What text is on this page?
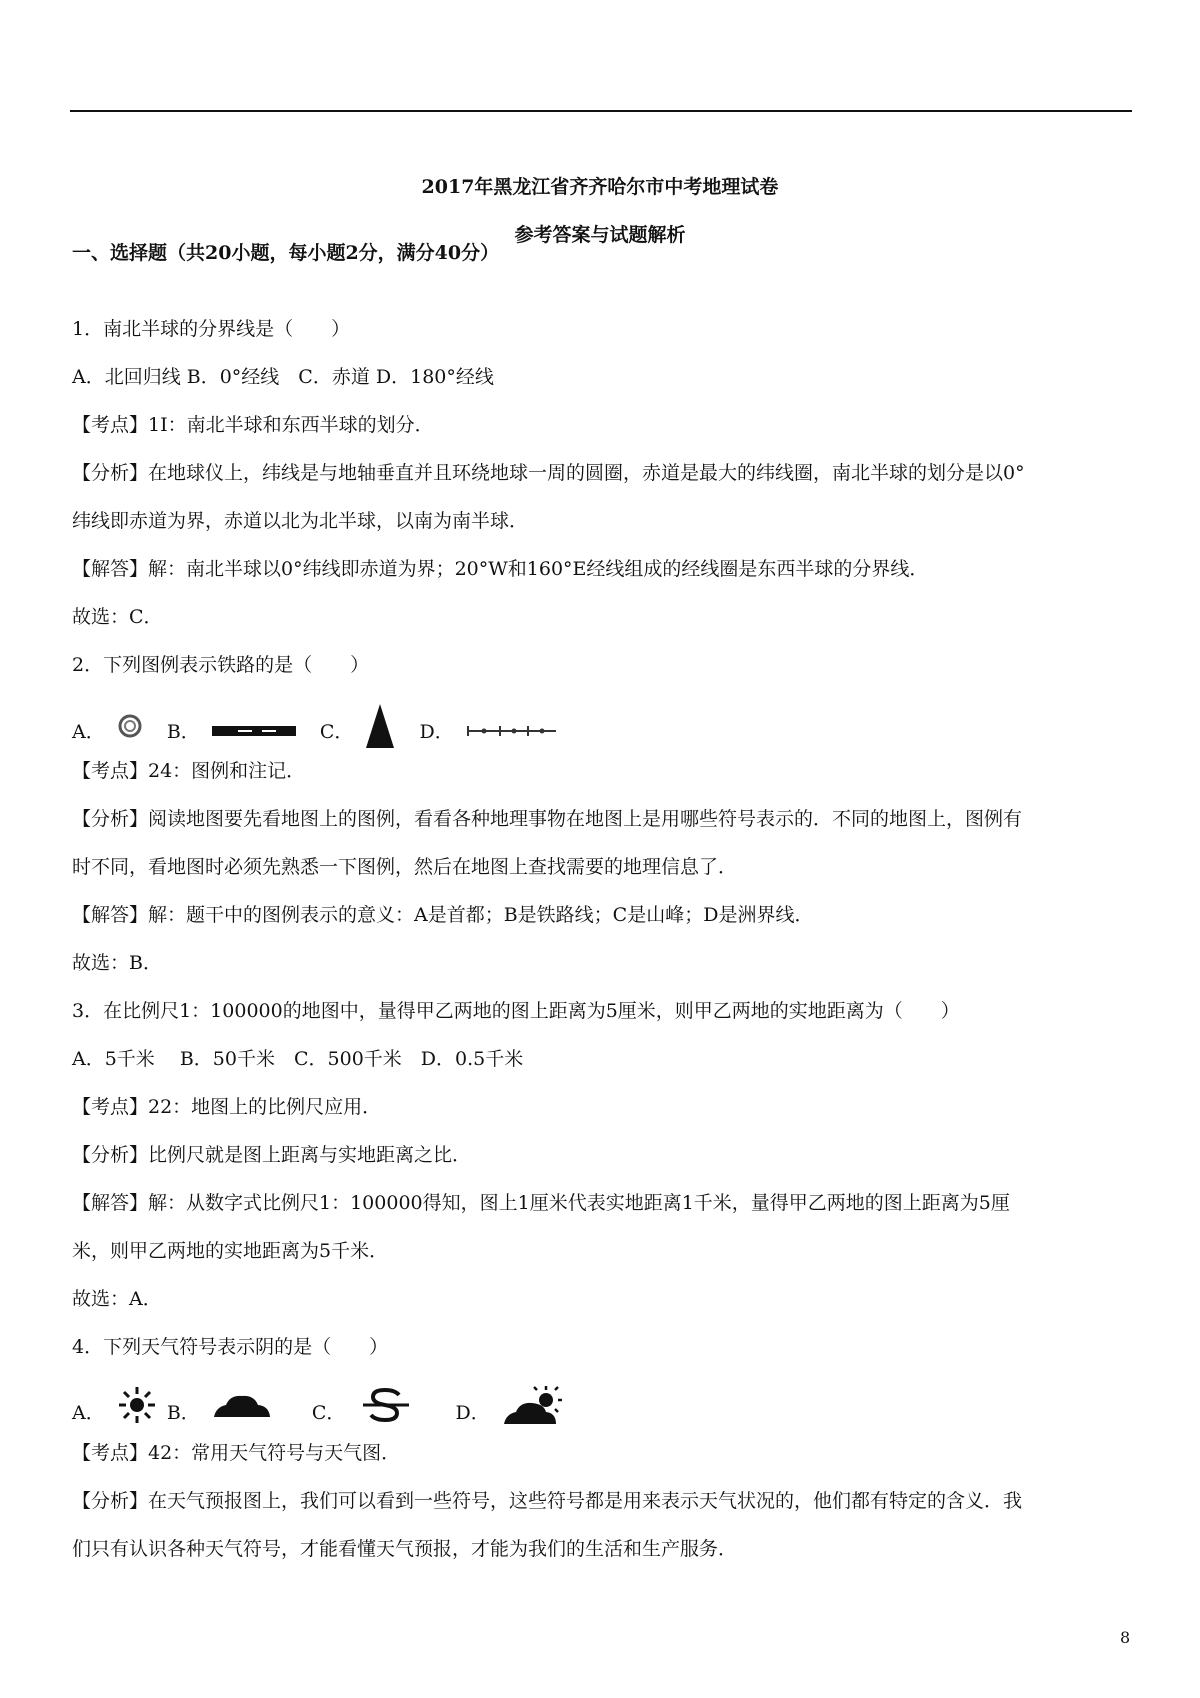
2017年黑龙江省齐齐哈尔市中考地理试卷
参考答案与试题解析
一、选择题（共20小题，每小题2分，满分40分）
1．南北半球的分界线是（　　）
A．北回归线 B．0°经线　C．赤道 D．180°经线
【考点】1I：南北半球和东西半球的划分．
【分析】在地球仪上，纬线是与地轴垂直并且环绕地球一周的圆圈，赤道是最大的纬线圈，南北半球的划分是以0°
纬线即赤道为界，赤道以北为北半球，以南为南半球．
【解答】解：南北半球以0°纬线即赤道为界；20°W和160°E经线组成的经线圈是东西半球的分界线．
故选：C．
2．下列图例表示铁路的是（　　）
A．	B．	C．	D．
【考点】24：图例和注记．
【分析】阅读地图要先看地图上的图例，看看各种地理事物在地图上是用哪些符号表示的．不同的地图上，图例有
时不同，看地图时必须先熟悉一下图例，然后在地图上查找需要的地理信息了．
【解答】解：题干中的图例表示的意义：A是首都；B是铁路线；C是山峰；D是洲界线．
故选：B．
3．在比例尺1：100000的地图中，量得甲乙两地的图上距离为5厘米，则甲乙两地的实地距离为（　　）
A．5千米　 B．50千米　C．500千米　D．0.5千米
【考点】22：地图上的比例尺应用．
【分析】比例尺就是图上距离与实地距离之比．
【解答】解：从数字式比例尺1：100000得知，图上1厘米代表实地距离1千米，量得甲乙两地的图上距离为5厘
米，则甲乙两地的实地距离为5千米．
故选：A．
4．下列天气符号表示阴的是（　　）
A．	B．	C．	D．
【考点】42：常用天气符号与天气图．
【分析】在天气预报图上，我们可以看到一些符号，这些符号都是用来表示天气状况的，他们都有特定的含义．我
们只有认识各种天气符号，才能看懂天气预报，才能为我们的生活和生产服务．
8
